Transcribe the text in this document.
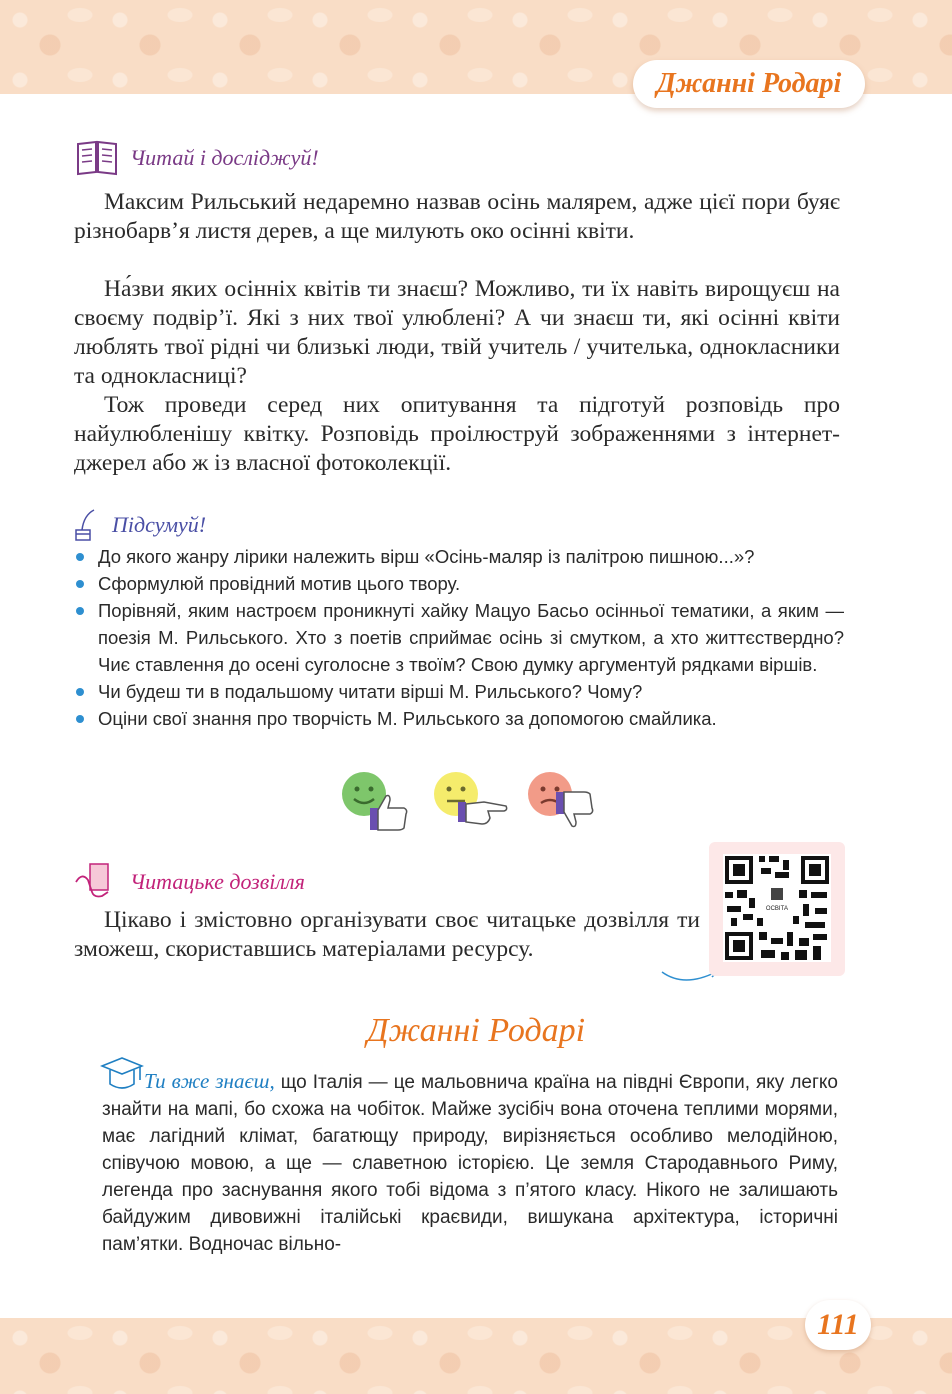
Джанні Родарі
Читай і досліджуй!

Максим Рильський недаремно назвав осінь малярем, адже цієї пори буяє різнобарв’я листя дерев, а ще милують око осінні квіти.

На́зви яких осінніх квітів ти знаєш? Можливо, ти їх навіть вирощуєш на своєму подвір’ї. Які з них твої улюблені? А чи знаєш ти, які осінні квіти люблять твої рідні чи близькі люди, твій учитель / учителька, однокласники та однокласниці?

Тож проведи серед них опитування та підготуй розповідь про найулюбленішу квітку. Розповідь проілюструй зображеннями з інтернет-джерел або ж із власної фотоколекції.

Підсумуй!
До якого жанру лірики належить вірш «Осінь-маляр із палітрою пишною...»?
Сформулюй провідний мотив цього твору.
Порівняй, яким настроєм проникнуті хайку Мацуо Басьо осінньої тематики, а яким — поезія М. Рильського. Хто з поетів сприймає осінь зі смутком, а хто життєствердно? Чиє ставлення до осені суголосне з твоїм? Свою думку аргументуй рядками віршів.
Чи будеш ти в подальшому читати вірші М. Рильського? Чому?
Оціни свої знання про творчість М. Рильського за допомогою смайлика.
Читацьке дозвілля

Цікаво і змістовно організувати своє читацьке дозвілля ти зможеш, скориставшись матеріалами ресурсу.

ОСВІТА
Джанні Родарі

Ти вже знаєш, що Італія — це мальовнича країна на півдні Європи, яку легко знайти на мапі, бо схожа на чобіток. Майже зусібіч вона оточена теплими морями, має лагідний клімат, багатющу природу, вирізняється особливо мелодійною, співучою мовою, а ще — славетною історією. Це земля Стародавнього Риму, легенда про заснування якого тобі відома з п’ятого класу. Нікого не залишають байдужим дивовижні італійські краєвиди, вишукана архітектура, історичні пам’ятки. Водночас вільно-

111
